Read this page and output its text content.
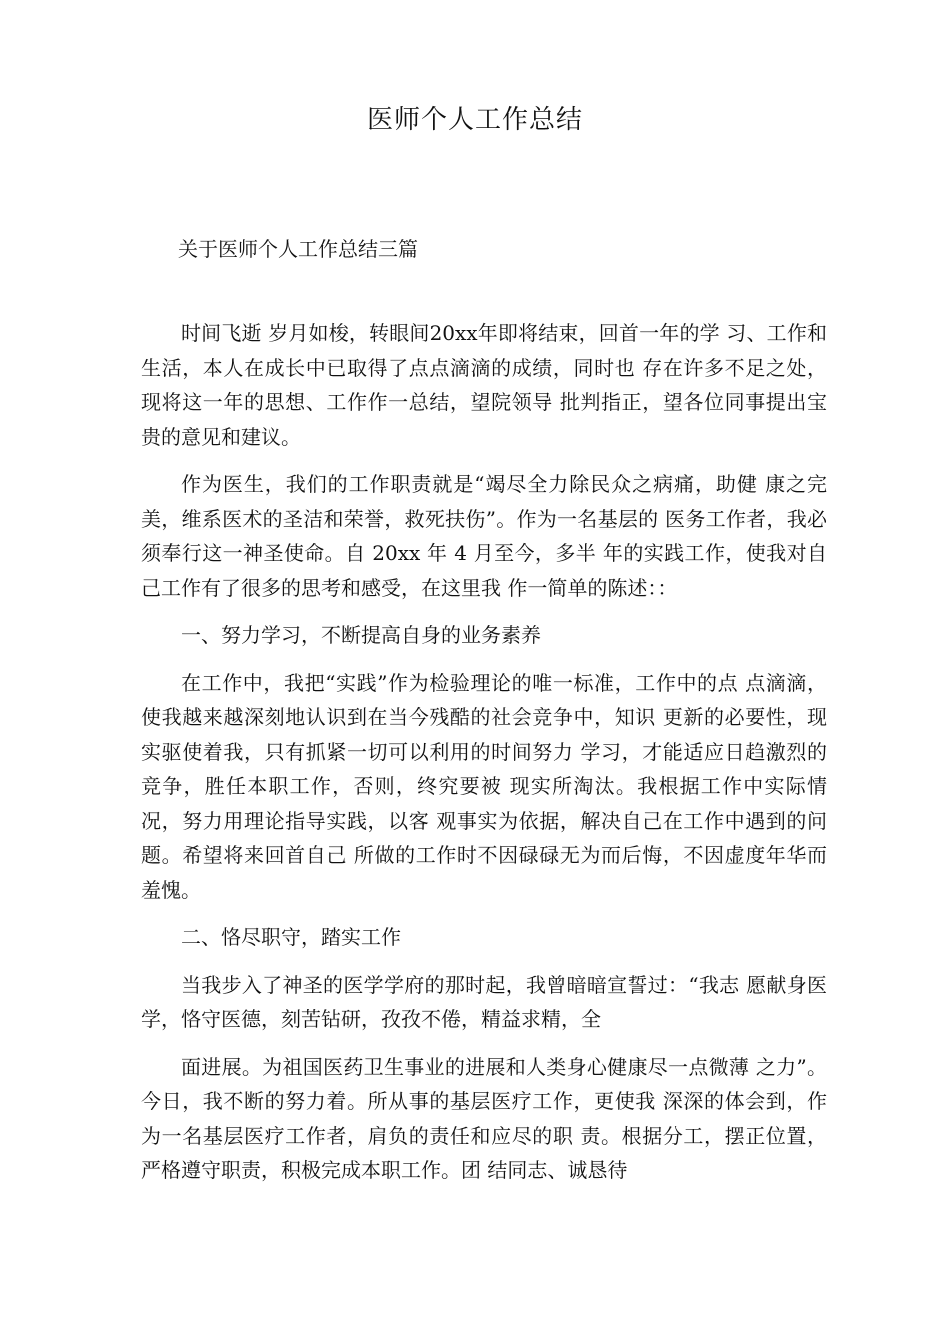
医师个人工作总结
关于医师个人工作总结三篇

时间飞逝 岁月如梭，转眼间20xx年即将结束，回首一年的学 习、工作和生活，本人在成长中已取得了点点滴滴的成绩，同时也 存在许多不足之处，现将这一年的思想、工作作一总结，望院领导 批判指正，望各位同事提出宝贵的意见和建议。

作为医生，我们的工作职责就是“竭尽全力除民众之病痛，助健 康之完美，维系医术的圣洁和荣誉，救死扶伤”。作为一名基层的 医务工作者，我必须奉行这一神圣使命。自 20xx 年 4 月至今，多半 年的实践工作，使我对自己工作有了很多的思考和感受，在这里我 作一简单的陈述：：

一、努力学习，不断提高自身的业务素养

在工作中，我把“实践”作为检验理论的唯一标准，工作中的点 点滴滴，使我越来越深刻地认识到在当今残酷的社会竞争中，知识 更新的必要性，现实驱使着我，只有抓紧一切可以利用的时间努力 学习，才能适应日趋激烈的竞争，胜任本职工作，否则，终究要被 现实所淘汰。我根据工作中实际情况，努力用理论指导实践，以客 观事实为依据，解决自己在工作中遇到的问题。希望将来回首自己 所做的工作时不因碌碌无为而后悔，不因虚度年华而羞愧。

二、恪尽职守，踏实工作

当我步入了神圣的医学学府的那时起，我曾暗暗宣誓过：“我志 愿献身医学，恪守医德，刻苦钻研，孜孜不倦，精益求精，全

面进展。为祖国医药卫生事业的进展和人类身心健康尽一点微薄 之力”。今日，我不断的努力着。所从事的基层医疗工作，更使我 深深的体会到，作为一名基层医疗工作者，肩负的责任和应尽的职 责。根据分工，摆正位置，严格遵守职责，积极完成本职工作。团 结同志、诚恳待
